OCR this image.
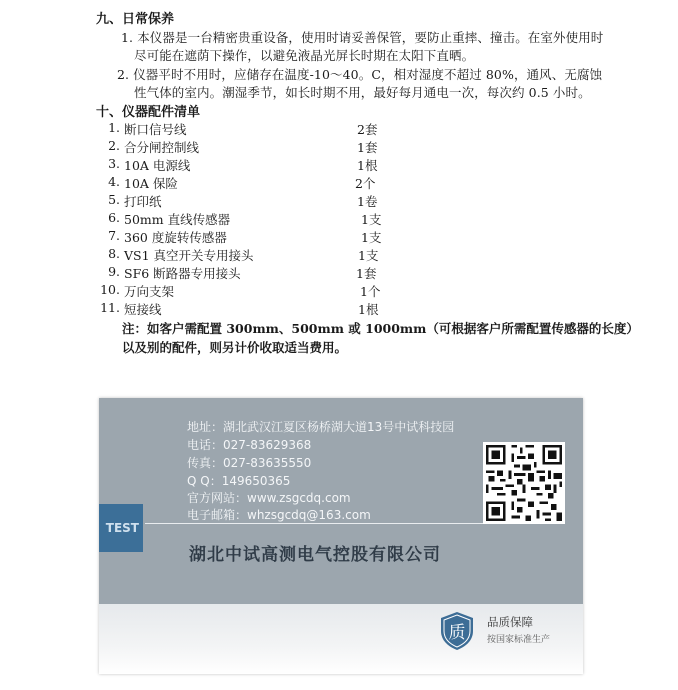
九、日常保养
1. 本仪器是一台精密贵重设备，使用时请妥善保管，要防止重摔、撞击。在室外使用时
尽可能在遮荫下操作，以避免液晶光屏长时期在太阳下直晒。
2. 仪器平时不用时，应储存在温度-10～40。C，相对湿度不超过 80%，通风、无腐蚀
性气体的室内。潮湿季节，如长时期不用，最好每月通电一次，每次约 0.5 小时。
十、仪器配件清单
1. 断口信号线	2套
2. 合分闸控制线	1套
3. 10A 电源线	1根
4. 10A 保险	2个
5. 打印纸	1卷
6. 50mm 直线传感器	1支
7. 360 度旋转传感器	1支
8. VS1 真空开关专用接头	1支
9. SF6 断路器专用接头	1套
10. 万向支架	1个
11. 短接线	1根
注：如客户需配置 300mm、500mm 或 1000mm（可根据客户所需配置传感器的长度）
以及别的配件，则另计价收取适当费用。
TEST
地址：湖北武汉江夏区杨桥湖大道13号中试科技园
电话：027-83629368
传真：027-83635550
Q Q：149650365
官方网站：www.zsgcdq.com
电子邮箱：whzsgcdq@163.com
湖北中试高测电气控股有限公司
质
品质保障
按国家标准生产
